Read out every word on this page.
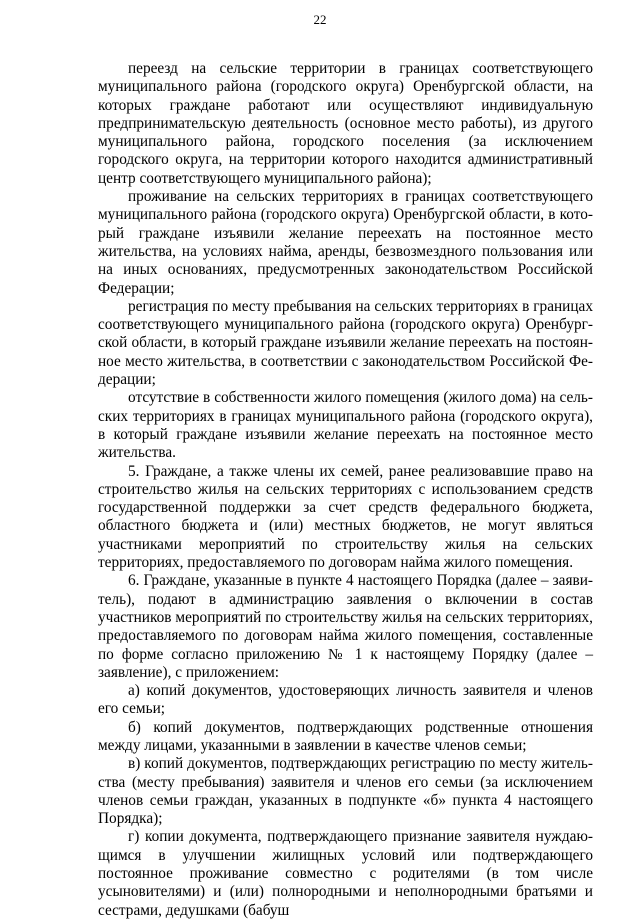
22

переезд на сельские территории в границах соответствующего муниципального района (городского округа) Оренбургской области, на которых граждане работают или осуществляют индивидуальную предпринимательскую деятельность (основное место работы), из другого муниципального района, городского поселения (за исключением городского округа, на территории которого находится административный центр соответствующего муниципального района);

проживание на сельских территориях в границах соответствующего муниципального района (городского округа) Оренбургской области, в который граждане изъявили желание переехать на постоянное место жительства, на условиях найма, аренды, безвозмездного пользования или на иных основаниях, предусмотренных законодательством Российской Федерации;

регистрация по месту пребывания на сельских территориях в границах соответствующего муниципального района (городского округа) Оренбургской области, в который граждане изъявили желание переехать на постоянное место жительства, в соответствии с законодательством Российской Федерации;

отсутствие в собственности жилого помещения (жилого дома) на сельских территориях в границах муниципального района (городского округа), в который граждане изъявили желание переехать на постоянное место жительства.

5. Граждане, а также члены их семей, ранее реализовавшие право на строительство жилья на сельских территориях с использованием средств государственной поддержки за счет средств федерального бюджета, областного бюджета и (или) местных бюджетов, не могут являться участниками мероприятий по строительству жилья на сельских территориях, предоставляемого по договорам найма жилого помещения.

6. Граждане, указанные в пункте 4 настоящего Порядка (далее – заявитель), подают в администрацию заявления о включении в состав участников мероприятий по строительству жилья на сельских территориях, предоставляемого по договорам найма жилого помещения, составленные по форме согласно приложению № 1 к настоящему Порядку (далее – заявление), с приложением:

а) копий документов, удостоверяющих личность заявителя и членов его семьи;

б) копий документов, подтверждающих родственные отношения между лицами, указанными в заявлении в качестве членов семьи;

в) копий документов, подтверждающих регистрацию по месту жительства (месту пребывания) заявителя и членов его семьи (за исключением членов семьи граждан, указанных в подпункте «б» пункта 4 настоящего Порядка);

г) копии документа, подтверждающего признание заявителя нуждающимся в улучшении жилищных условий или подтверждающего постоянное проживание совместно с родителями (в том числе усыновителями) и (или) полнородными и неполнородными братьями и сестрами, дедушками (бабуш
